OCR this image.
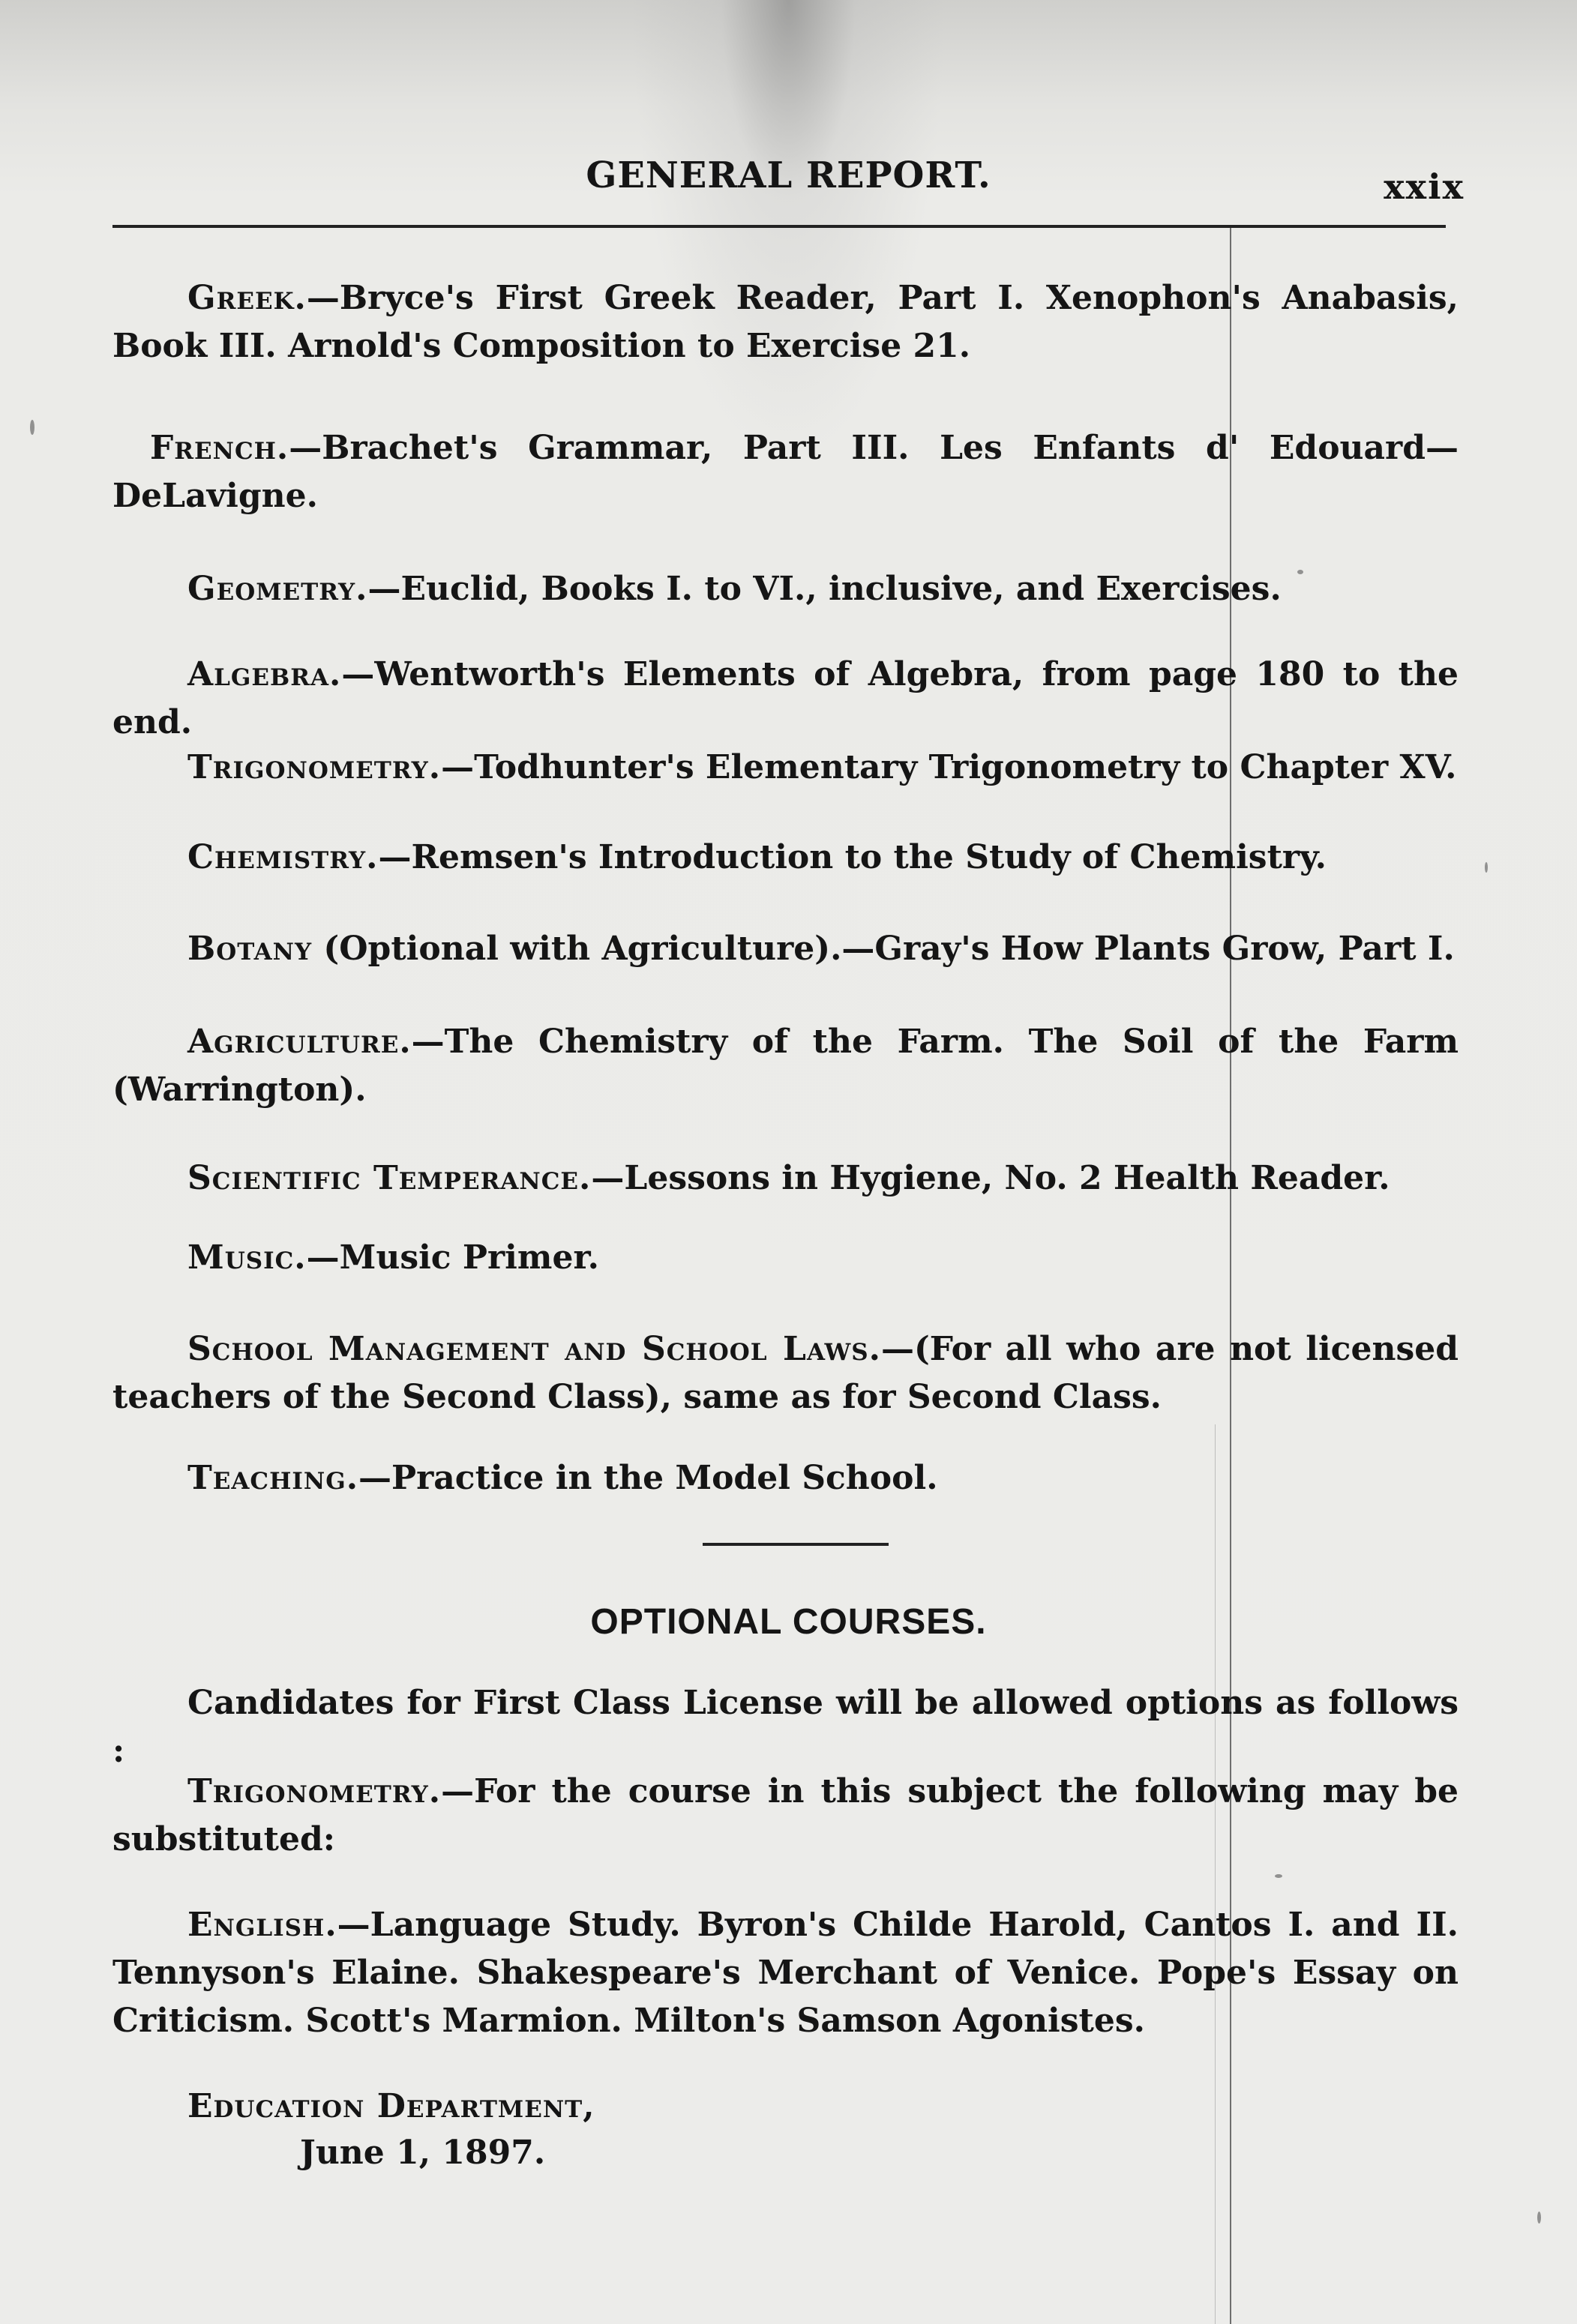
GENERAL REPORT.	xxix
Greek.—Bryce's First Greek Reader, Part I. Xenophon's Anabasis, Book III. Arnold's Composition to Exercise 21.
French.—Brachet's Grammar, Part III. Les Enfants d' Edouard—DeLavigne.
Geometry.—Euclid, Books I. to VI., inclusive, and Exercises.
Algebra.—Wentworth's Elements of Algebra, from page 180 to the end.
Trigonometry.—Todhunter's Elementary Trigonometry to Chapter XV.
Chemistry.—Remsen's Introduction to the Study of Chemistry.
Botany (Optional with Agriculture).—Gray's How Plants Grow, Part I.
Agriculture.—The Chemistry of the Farm. The Soil of the Farm (Warrington).
Scientific Temperance.—Lessons in Hygiene, No. 2 Health Reader.
Music.—Music Primer.
School Management and School Laws.—(For all who are not licensed teachers of the Second Class), same as for Second Class.
Teaching.—Practice in the Model School.
OPTIONAL COURSES.
Candidates for First Class License will be allowed options as follows :
Trigonometry.—For the course in this subject the following may be substituted:
English.—Language Study. Byron's Childe Harold, Cantos I. and II. Tennyson's Elaine. Shakespeare's Merchant of Venice. Pope's Essay on Criticism. Scott's Marmion. Milton's Samson Agonistes.
Education Department,
June 1, 1897.
